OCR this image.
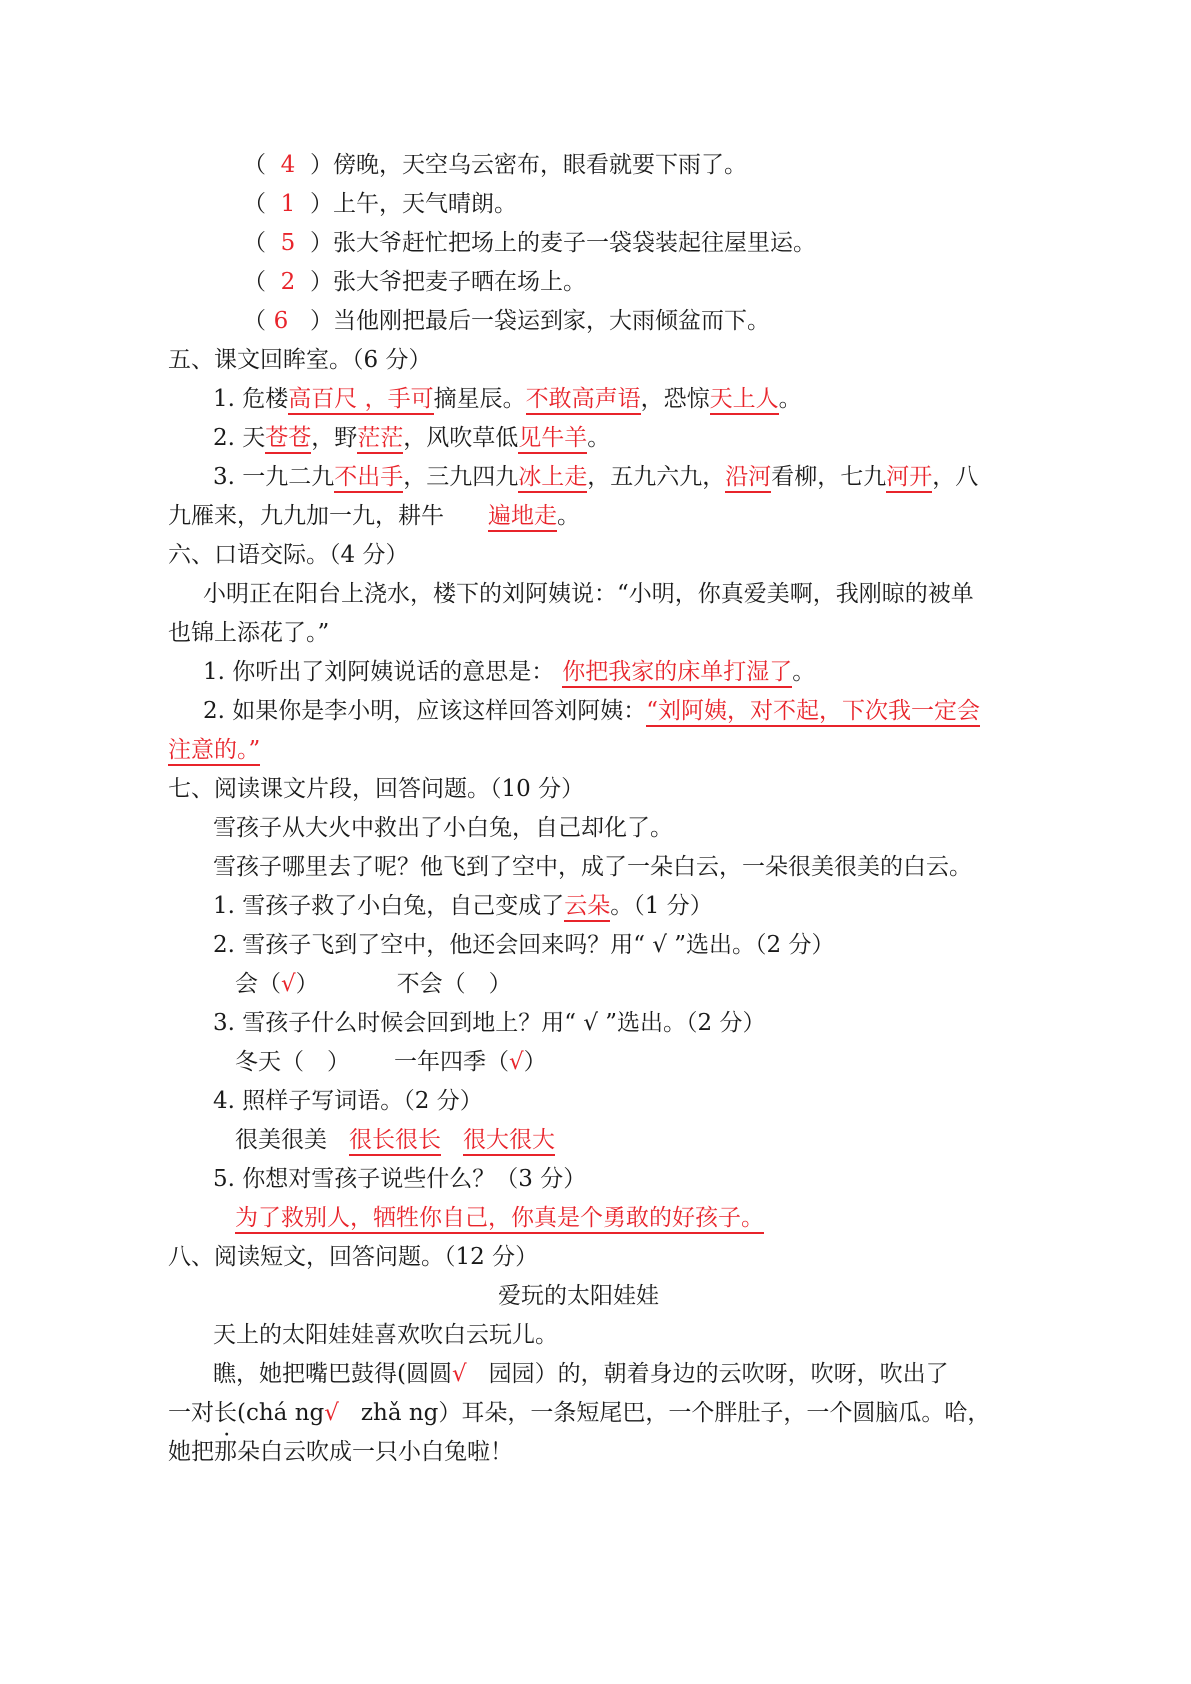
（ 4 ）傍晚，天空乌云密布，眼看就要下雨了。
（ 1 ）上午，天气晴朗。
（ 5 ）张大爷赶忙把场上的麦子一袋袋装起往屋里运。
（ 2 ）张大爷把麦子晒在场上。
（ 6 ）当他刚把最后一袋运到家，大雨倾盆而下。
五、课文回眸室。（6 分）
1. 危楼高百尺 ，手可摘星辰。不敢高声语，恐惊天上人。
2. 天苍苍，野茫茫，风吹草低见牛羊。
3. 一九二九不出手，三九四九冰上走，五九六九，沿河看柳，七九河开，八
九雁来，九九加一九，耕牛 遍地走。
六、口语交际。（4 分）
小明正在阳台上浇水，楼下的刘阿姨说：“小明，你真爱美啊，我刚晾的被单
也锦上添花了。”
1. 你听出了刘阿姨说话的意思是： 你把我家的床单打湿了。
2. 如果你是李小明，应该这样回答刘阿姨：“刘阿姨，对不起，下次我一定会
注意的。”
七、阅读课文片段，回答问题。（10 分）
雪孩子从大火中救出了小白兔，自己却化了。
雪孩子哪里去了呢？他飞到了空中，成了一朵白云，一朵很美很美的白云。
1. 雪孩子救了小白兔，自己变成了云朵。（1 分）
2. 雪孩子飞到了空中，他还会回来吗？用“ √ ”选出。（2 分）
会（√）	不会（　）
3. 雪孩子什么时候会回到地上？用“ √ ”选出。（2 分）
冬天（　） 一年四季（√）
4. 照样子写词语。（2 分）
很美很美 很长很长 很大很大
5. 你想对雪孩子说些什么？（3 分）
为了救别人，牺牲你自己，你真是个勇敢的好孩子。
八、阅读短文，回答问题。（12 分）
爱玩的太阳娃娃
天上的太阳娃娃喜欢吹白云玩儿。
瞧，她把嘴巴鼓得(圆圆√ 园园）的，朝着身边的云吹呀，吹呀，吹出了
一对长(chá ng√ zhǎ ng）耳朵，一条短尾巴，一个胖肚子，一个圆脑瓜。哈，
她把那朵白云吹成一只小白兔啦！
